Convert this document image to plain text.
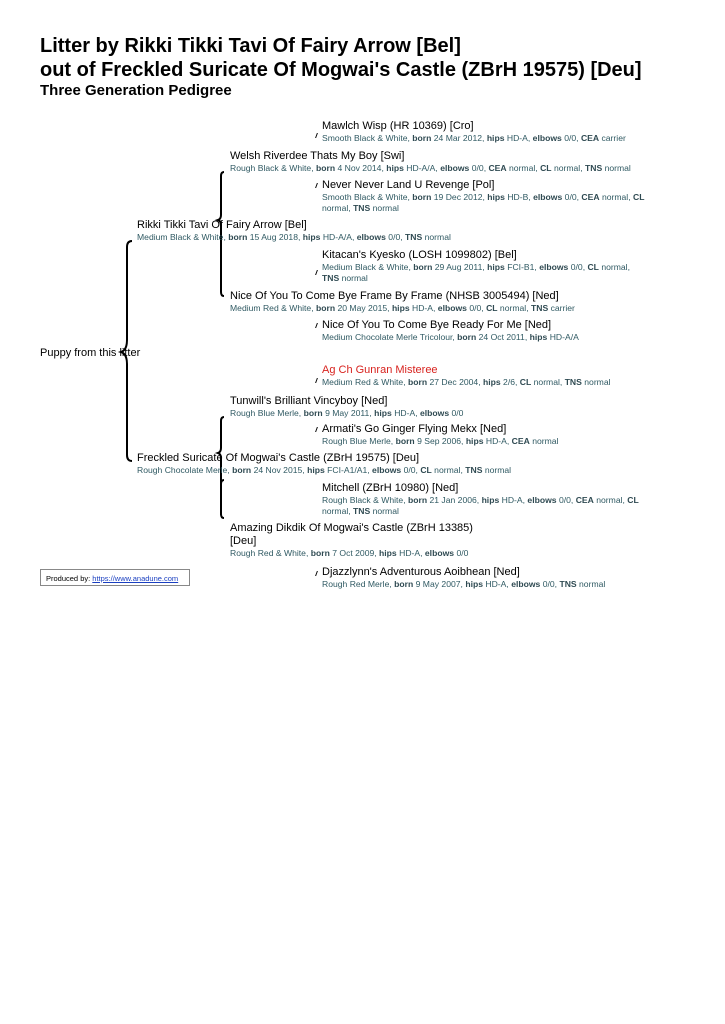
Litter by Rikki Tikki Tavi Of Fairy Arrow [Bel]
out of Freckled Suricate Of Mogwai's Castle (ZBrH 19575) [Deu]
Three Generation Pedigree
Puppy from this litter
Rikki Tikki Tavi Of Fairy Arrow [Bel]
Medium Black & White, born 15 Aug 2018, hips HD-A/A, elbows 0/0, TNS normal
Freckled Suricate Of Mogwai's Castle (ZBrH 19575) [Deu]
Rough Chocolate Merle, born 24 Nov 2015, hips FCI-A1/A1, elbows 0/0, CL normal, TNS normal
Welsh Riverdee Thats My Boy [Swi]
Rough Black & White, born 4 Nov 2014, hips HD-A/A, elbows 0/0, CEA normal, CL normal, TNS normal
Nice Of You To Come Bye Frame By Frame (NHSB 3005494) [Ned]
Medium Red & White, born 20 May 2015, hips HD-A, elbows 0/0, CL normal, TNS carrier
Tunwill's Brilliant Vincyboy [Ned]
Rough Blue Merle, born 9 May 2011, hips HD-A, elbows 0/0
Amazing Dikdik Of Mogwai's Castle (ZBrH 13385)
[Deu]
Rough Red & White, born 7 Oct 2009, hips HD-A, elbows 0/0
Mawlch Wisp (HR 10369) [Cro]
Smooth Black & White, born 24 Mar 2012, hips HD-A, elbows 0/0, CEA carrier
Never Never Land U Revenge [Pol]
Smooth Black & White, born 19 Dec 2012, hips HD-B, elbows 0/0, CEA normal, CL
normal, TNS normal
Kitacan's Kyesko (LOSH 1099802) [Bel]
Medium Black & White, born 29 Aug 2011, hips FCI-B1, elbows 0/0, CL normal,
TNS normal
Nice Of You To Come Bye Ready For Me [Ned]
Medium Chocolate Merle Tricolour, born 24 Oct 2011, hips HD-A/A
Ag Ch Gunran Misteree
Medium Red & White, born 27 Dec 2004, hips 2/6, CL normal, TNS normal
Armati's Go Ginger Flying Mekx [Ned]
Rough Blue Merle, born 9 Sep 2006, hips HD-A, CEA normal
Mitchell (ZBrH 10980) [Ned]
Rough Black & White, born 21 Jan 2006, hips HD-A, elbows 0/0, CEA normal, CL
normal, TNS normal
Djazzlynn's Adventurous Aoibhean [Ned]
Rough Red Merle, born 9 May 2007, hips HD-A, elbows 0/0, TNS normal
Produced by: https://www.anadune.com
